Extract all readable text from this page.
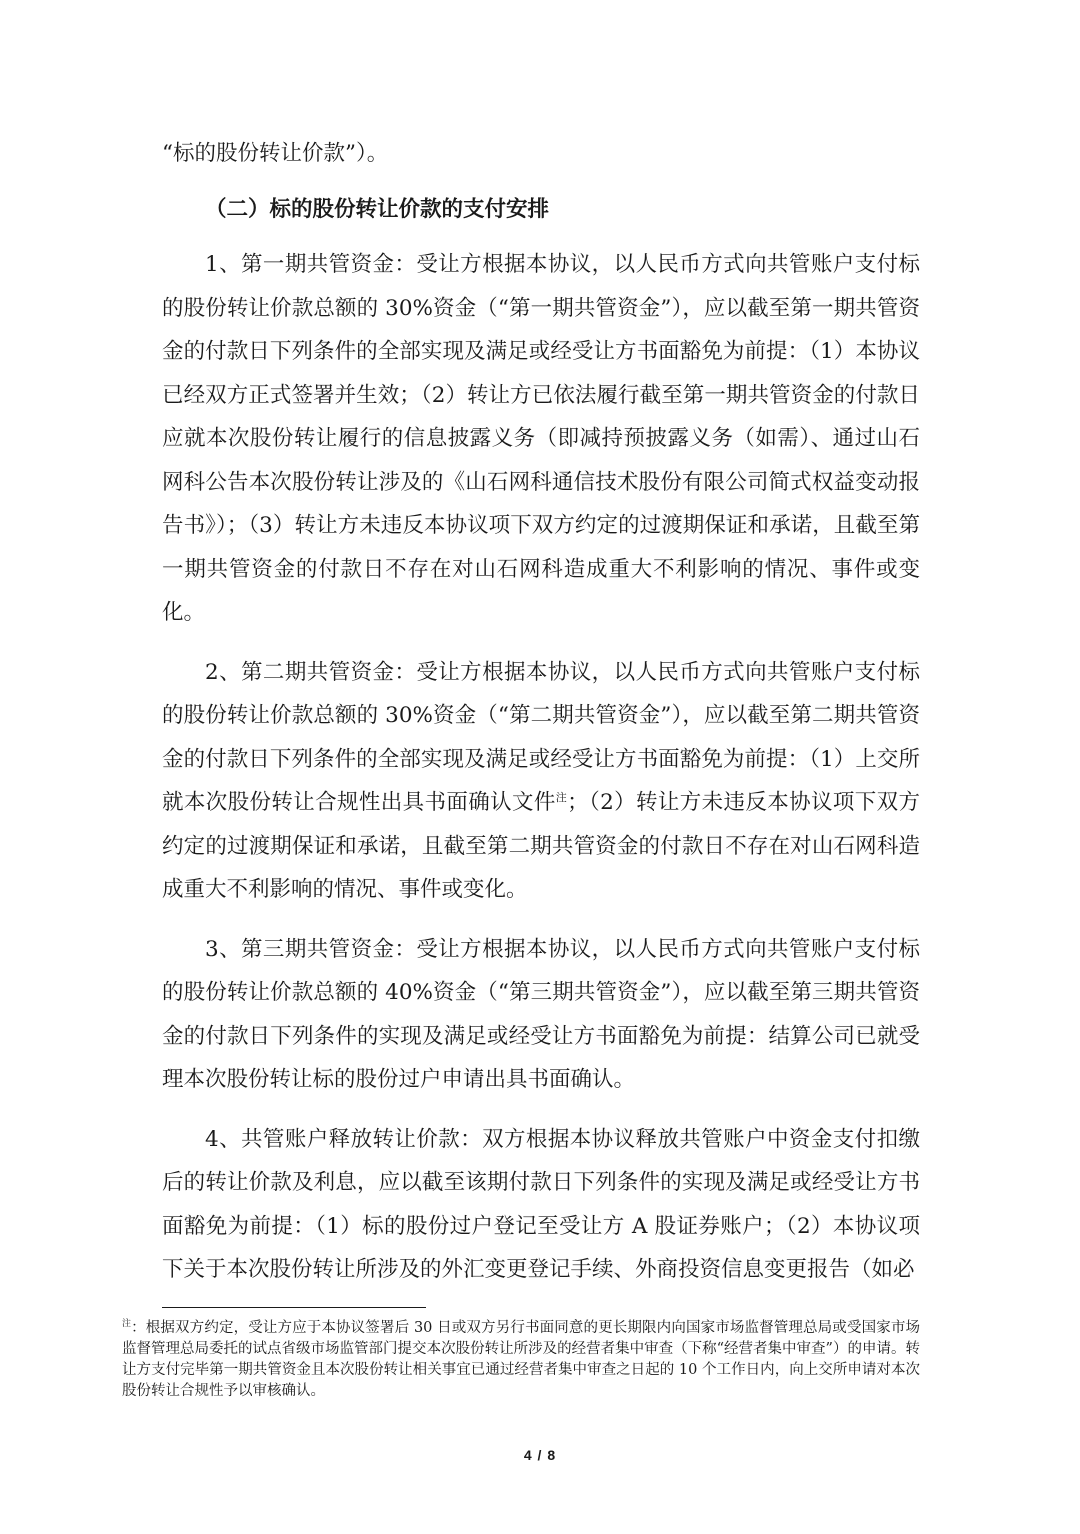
“标的股份转让价款”）。

（二）标的股份转让价款的支付安排

1、第一期共管资金：受让方根据本协议，以人民币方式向共管账户支付标的股份转让价款总额的 30%资金（“第一期共管资金”），应以截至第一期共管资金的付款日下列条件的全部实现及满足或经受让方书面豁免为前提：（1）本协议已经双方正式签署并生效；（2）转让方已依法履行截至第一期共管资金的付款日应就本次股份转让履行的信息披露义务（即减持预披露义务（如需）、通过山石网科公告本次股份转让涉及的《山石网科通信技术股份有限公司简式权益变动报告书》）；（3）转让方未违反本协议项下双方约定的过渡期保证和承诺，且截至第一期共管资金的付款日不存在对山石网科造成重大不利影响的情况、事件或变化。

2、第二期共管资金：受让方根据本协议，以人民币方式向共管账户支付标的股份转让价款总额的 30%资金（“第二期共管资金”），应以截至第二期共管资金的付款日下列条件的全部实现及满足或经受让方书面豁免为前提：（1）上交所就本次股份转让合规性出具书面确认文件$^注$；（2）转让方未违反本协议项下双方约定的过渡期保证和承诺，且截至第二期共管资金的付款日不存在对山石网科造成重大不利影响的情况、事件或变化。

3、第三期共管资金：受让方根据本协议，以人民币方式向共管账户支付标的股份转让价款总额的 40%资金（“第三期共管资金”），应以截至第三期共管资金的付款日下列条件的实现及满足或经受让方书面豁免为前提：结算公司已就受理本次股份转让标的股份过户申请出具书面确认。

4、共管账户释放转让价款：双方根据本协议释放共管账户中资金支付扣缴后的转让价款及利息，应以截至该期付款日下列条件的实现及满足或经受让方书面豁免为前提：（1）标的股份过户登记至受让方 A 股证券账户；（2）本协议项下关于本次股份转让所涉及的外汇变更登记手续、外商投资信息变更报告（如必

$^注$：根据双方约定，受让方应于本协议签署后 30 日或双方另行书面同意的更长期限内向国家市场监督管理总局或受国家市场监督管理总局委托的试点省级市场监管部门提交本次股份转让所涉及的经营者集中审查（下称“经营者集中审查”）的申请。转让方支付完毕第一期共管资金且本次股份转让相关事宜已通过经营者集中审查之日起的 10 个工作日内，向上交所申请对本次股份转让合规性予以审核确认。

4 / 8
